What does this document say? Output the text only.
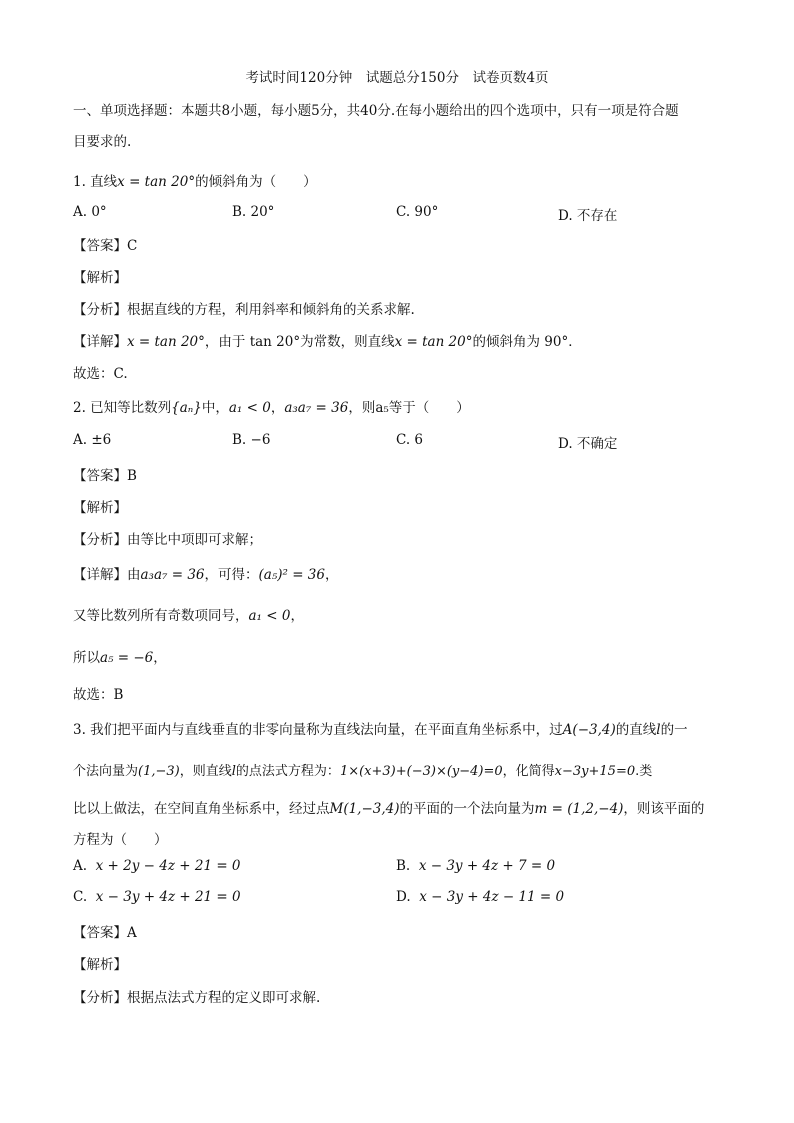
考试时间120分钟　试题总分150分　试卷页数4页
一、单项选择题：本题共8小题，每小题5分，共40分.在每小题给出的四个选项中，只有一项是符合题
目要求的.
1. 直线x = tan 20°的倾斜角为（　　）
A. 0°	B. 20°	C. 90°	D. 不存在
【答案】C
【解析】
【分析】根据直线的方程，利用斜率和倾斜角的关系求解.
【详解】x = tan 20°，由于 tan 20°为常数，则直线x = tan 20°的倾斜角为 90°．
故选：C.
2. 已知等比数列{aₙ}中，a₁ < 0，a₃a₇ = 36，则a₅等于（　　）
A. ±6	B. −6	C. 6	D. 不确定
【答案】B
【解析】
【分析】由等比中项即可求解；
【详解】由a₃a₇ = 36，可得：(a₅)² = 36，
又等比数列所有奇数项同号，a₁ < 0，
所以a₅ = −6，
故选：B
3. 我们把平面内与直线垂直的非零向量称为直线法向量，在平面直角坐标系中，过A(−3,4)的直线l的一
个法向量为(1,−3)，则直线l的点法式方程为：1×(x+3)+(−3)×(y−4)=0，化简得x−3y+15=0.类
比以上做法，在空间直角坐标系中，经过点M(1,−3,4)的平面的一个法向量为m = (1,2,−4)，则该平面的
方程为（　　）
A. x + 2y − 4z + 21 = 0	B. x − 3y + 4z + 7 = 0
C. x − 3y + 4z + 21 = 0	D. x − 3y + 4z − 11 = 0
【答案】A
【解析】
【分析】根据点法式方程的定义即可求解.
